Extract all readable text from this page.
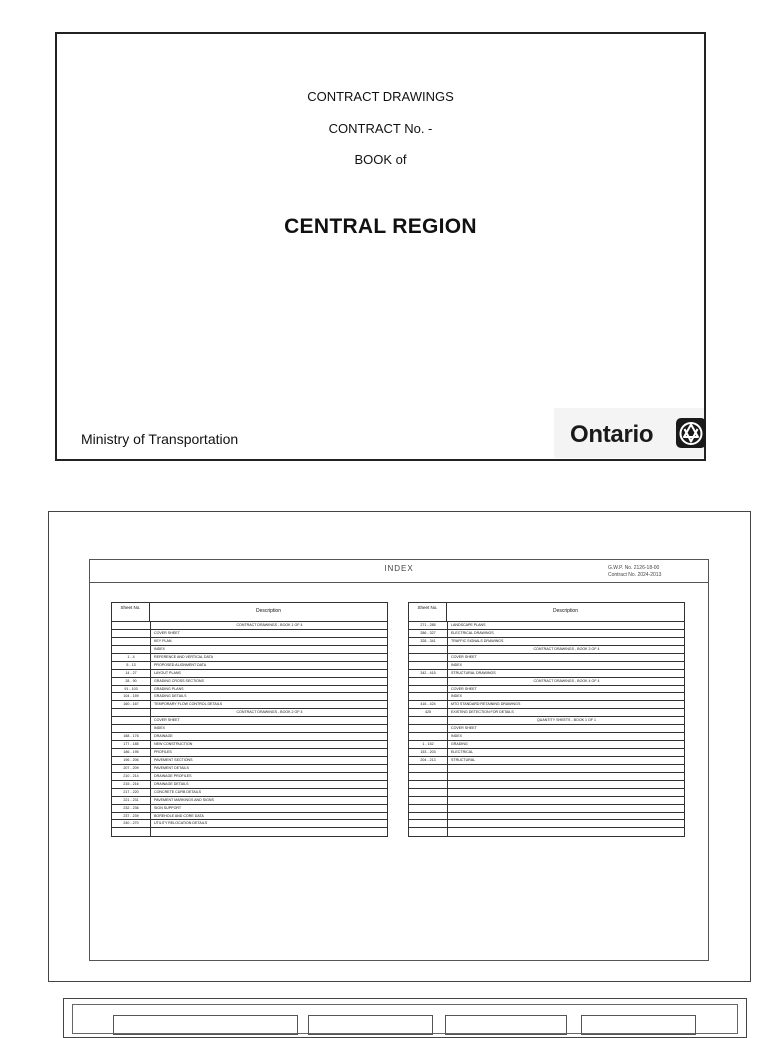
CONTRACT DRAWINGS
CONTRACT No. -
BOOK of
CENTRAL REGION
Ministry of Transportation	Ontario
INDEX	G.W.P. No. 2126-18-00
Contract No. 2024-2013
Sheet No.
Description
CONTRACT DRAWINGS - BOOK 1 OF 4
COVER SHEET
KEY PLAN
INDEX
1 - 4	REFERENCE AND VERTICAL DATA
5 - 13	PROPOSED ALIGNMENT DATA
14 - 27	LAYOUT PLANS
28 - 90	GRADING CROSS SECTIONS
91 - 103	GRADING PLANS
104 - 159	GRADING DETAILS
160 - 167	TEMPORARY FLOW CONTROL DETAILS
CONTRACT DRAWINGS - BOOK 2 OF 4
COVER SHEET
INDEX
168 - 176	DRAINAGE
177 - 185	NEW CONSTRUCTION
186 - 195	PROFILES
196 - 206	PAVEMENT SECTIONS
207 - 209	PAVEMENT DETAILS
210 - 214	DRAINAGE PROFILES
215 - 216	DRAINAGE DETAILS
217 - 220	CONCRETE CURB DETAILS
221 - 231	PAVEMENT MARKINGS AND SIGNS
232 - 236	SIGN SUPPORT
237 - 239	BOREHOLE AND CORE DATA
240 - 270	UTILITY RELOCATION DETAILS
Sheet No.
Description
271 - 285	LANDSCAPE PLANS
286 - 327	ELECTRICAL DRAWINGS
328 - 341	TRAFFIC SIGNALS DRAWINGS
CONTRACT DRAWINGS - BOOK 3 OF 4
COVER SHEET
INDEX
342 - 415	STRUCTURAL DRAWINGS
CONTRACT DRAWINGS - BOOK 4 OF 4
COVER SHEET
INDEX
416 - 424	MTO STANDARD RETAINING DRAWINGS
425	EXISTING DETECTION FOR DETAILS
QUANTITY SHEETS - BOOK 1 OF 1
COVER SHEET
INDEX
1 - 152	GRADING
153 - 203	ELECTRICAL
204 - 213	STRUCTURAL
